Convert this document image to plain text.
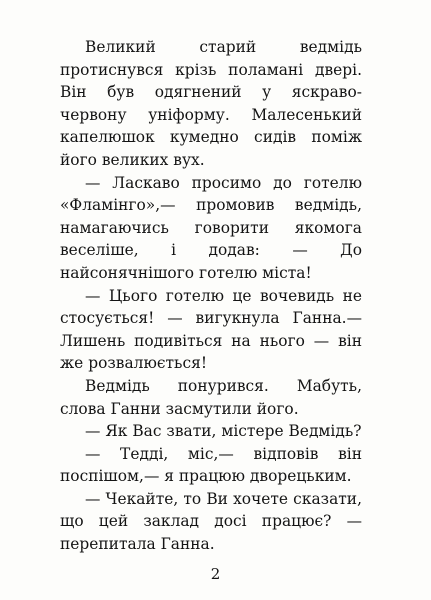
Великий старий ведмідь протиснувся крізь поламані двері. Він був одягнений у яскраво-червону уніформу. Малесенький капелюшок кумедно сидів поміж його великих вух.

— Ласкаво просимо до готелю «Фламінго»,— промовив ведмідь, намагаючись говорити якомога веселіше, і додав: — До найсонячнішого готелю міста!

— Цього готелю це вочевидь не стосується! — вигукнула Ганна.— Лишень подивіться на нього — він же розвалюється!

Ведмідь понурився. Мабуть, слова Ганни засмутили його.

— Як Вас звати, містере Ведмідь?

— Тедді, міс,— відповів він поспішом,— я працюю дворецьким.

— Чекайте, то Ви хочете сказати, що цей заклад досі працює? — перепитала Ганна.

2
